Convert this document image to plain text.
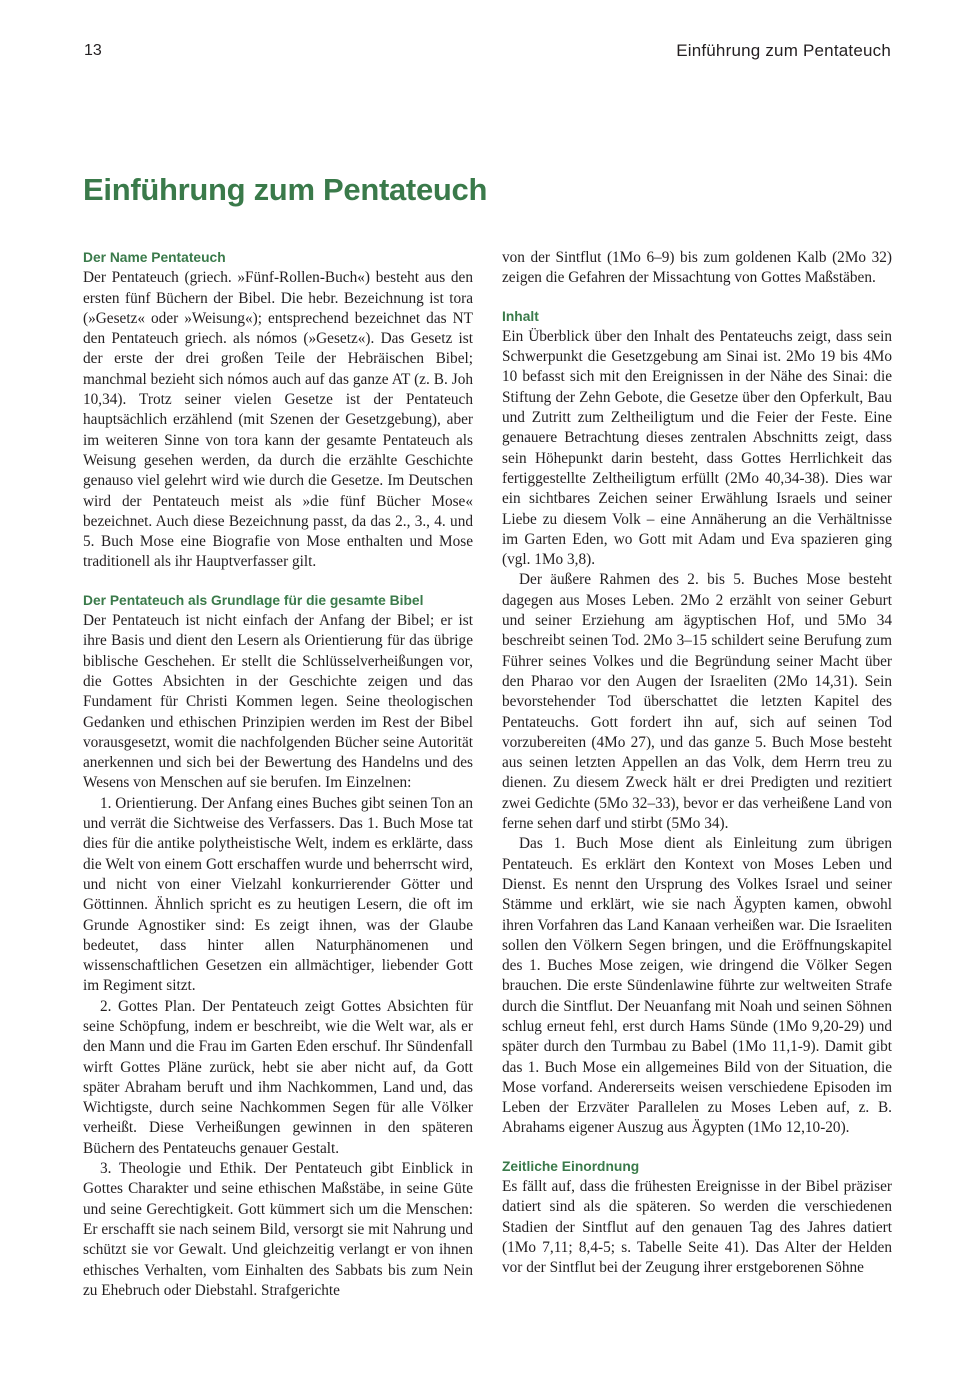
13	Einführung zum Pentateuch
Einführung zum Pentateuch
Der Name Pentateuch

Der Pentateuch (griech. »Fünf-Rollen-Buch«) besteht aus den ersten fünf Büchern der Bibel. Die hebr. Bezeichnung ist tora (»Gesetz« oder »Weisung«); entsprechend bezeichnet das NT den Pentateuch griech. als nómos (»Gesetz«). Das Gesetz ist der erste der drei großen Teile der Hebräischen Bibel; manchmal bezieht sich nómos auch auf das ganze AT (z. B. Joh 10,34). Trotz seiner vielen Gesetze ist der Pentateuch hauptsächlich erzählend (mit Szenen der Gesetzgebung), aber im weiteren Sinne von tora kann der gesamte Pentateuch als Weisung gesehen werden, da durch die erzählte Geschichte genauso viel gelehrt wird wie durch die Gesetze. Im Deutschen wird der Pentateuch meist als »die fünf Bücher Mose« bezeichnet. Auch diese Bezeichnung passt, da das 2., 3., 4. und 5. Buch Mose eine Biografie von Mose enthalten und Mose traditionell als ihr Hauptverfasser gilt.

Der Pentateuch als Grundlage für die gesamte Bibel

Der Pentateuch ist nicht einfach der Anfang der Bibel; er ist ihre Basis und dient den Lesern als Orientierung für das übrige biblische Geschehen. Er stellt die Schlüsselverheißungen vor, die Gottes Absichten in der Geschichte zeigen und das Fundament für Christi Kommen legen. Seine theologischen Gedanken und ethischen Prinzipien werden im Rest der Bibel vorausgesetzt, womit die nachfolgenden Bücher seine Autorität anerkennen und sich bei der Bewertung des Handelns und des Wesens von Menschen auf sie berufen. Im Einzelnen:

1. Orientierung. Der Anfang eines Buches gibt seinen Ton an und verrät die Sichtweise des Verfassers. Das 1. Buch Mose tat dies für die antike polytheistische Welt, indem es erklärte, dass die Welt von einem Gott erschaffen wurde und beherrscht wird, und nicht von einer Vielzahl konkurrierender Götter und Göttinnen. Ähnlich spricht es zu heutigen Lesern, die oft im Grunde Agnostiker sind: Es zeigt ihnen, was der Glaube bedeutet, dass hinter allen Naturphänomenen und wissenschaftlichen Gesetzen ein allmächtiger, liebender Gott im Regiment sitzt.

2. Gottes Plan. Der Pentateuch zeigt Gottes Absichten für seine Schöpfung, indem er beschreibt, wie die Welt war, als er den Mann und die Frau im Garten Eden erschuf. Ihr Sündenfall wirft Gottes Pläne zurück, hebt sie aber nicht auf, da Gott später Abraham beruft und ihm Nachkommen, Land und, das Wichtigste, durch seine Nachkommen Segen für alle Völker verheißt. Diese Verheißungen gewinnen in den späteren Büchern des Pentateuchs genauer Gestalt.

3. Theologie und Ethik. Der Pentateuch gibt Einblick in Gottes Charakter und seine ethischen Maßstäbe, in seine Güte und seine Gerechtigkeit. Gott kümmert sich um die Menschen: Er erschafft sie nach seinem Bild, versorgt sie mit Nahrung und schützt sie vor Gewalt. Und gleichzeitig verlangt er von ihnen ethisches Verhalten, vom Einhalten des Sabbats bis zum Nein zu Ehebruch oder Diebstahl. Strafgerichte

von der Sintflut (1Mo 6–9) bis zum goldenen Kalb (2Mo 32) zeigen die Gefahren der Missachtung von Gottes Maßstäben.

Inhalt

Ein Überblick über den Inhalt des Pentateuchs zeigt, dass sein Schwerpunkt die Gesetzgebung am Sinai ist. 2Mo 19 bis 4Mo 10 befasst sich mit den Ereignissen in der Nähe des Sinai: die Stiftung der Zehn Gebote, die Gesetze über den Opferkult, Bau und Zutritt zum Zeltheiligtum und die Feier der Feste. Eine genauere Betrachtung dieses zentralen Abschnitts zeigt, dass sein Höhepunkt darin besteht, dass Gottes Herrlichkeit das fertiggestellte Zeltheiligtum erfüllt (2Mo 40,34-38). Dies war ein sichtbares Zeichen seiner Erwählung Israels und seiner Liebe zu diesem Volk – eine Annäherung an die Verhältnisse im Garten Eden, wo Gott mit Adam und Eva spazieren ging (vgl. 1Mo 3,8).

Der äußere Rahmen des 2. bis 5. Buches Mose besteht dagegen aus Moses Leben. 2Mo 2 erzählt von seiner Geburt und seiner Erziehung am ägyptischen Hof, und 5Mo 34 beschreibt seinen Tod. 2Mo 3–15 schildert seine Berufung zum Führer seines Volkes und die Begründung seiner Macht über den Pharao vor den Augen der Israeliten (2Mo 14,31). Sein bevorstehender Tod überschattet die letzten Kapitel des Pentateuchs. Gott fordert ihn auf, sich auf seinen Tod vorzubereiten (4Mo 27), und das ganze 5. Buch Mose besteht aus seinen letzten Appellen an das Volk, dem Herrn treu zu dienen. Zu diesem Zweck hält er drei Predigten und rezitiert zwei Gedichte (5Mo 32–33), bevor er das verheißene Land von ferne sehen darf und stirbt (5Mo 34).

Das 1. Buch Mose dient als Einleitung zum übrigen Pentateuch. Es erklärt den Kontext von Moses Leben und Dienst. Es nennt den Ursprung des Volkes Israel und seiner Stämme und erklärt, wie sie nach Ägypten kamen, obwohl ihren Vorfahren das Land Kanaan verheißen war. Die Israeliten sollen den Völkern Segen bringen, und die Eröffnungskapitel des 1. Buches Mose zeigen, wie dringend die Völker Segen brauchen. Die erste Sündenlawine führte zur weltweiten Strafe durch die Sintflut. Der Neuanfang mit Noah und seinen Söhnen schlug erneut fehl, erst durch Hams Sünde (1Mo 9,20-29) und später durch den Turmbau zu Babel (1Mo 11,1-9). Damit gibt das 1. Buch Mose ein allgemeines Bild von der Situation, die Mose vorfand. Andererseits weisen verschiedene Episoden im Leben der Erzväter Parallelen zu Moses Leben auf, z. B. Abrahams eigener Auszug aus Ägypten (1Mo 12,10-20).

Zeitliche Einordnung

Es fällt auf, dass die frühesten Ereignisse in der Bibel präziser datiert sind als die späteren. So werden die verschiedenen Stadien der Sintflut auf den genauen Tag des Jahres datiert (1Mo 7,11; 8,4-5; s. Tabelle Seite 41). Das Alter der Helden vor der Sintflut bei der Zeugung ihrer erstgeborenen Söhne
